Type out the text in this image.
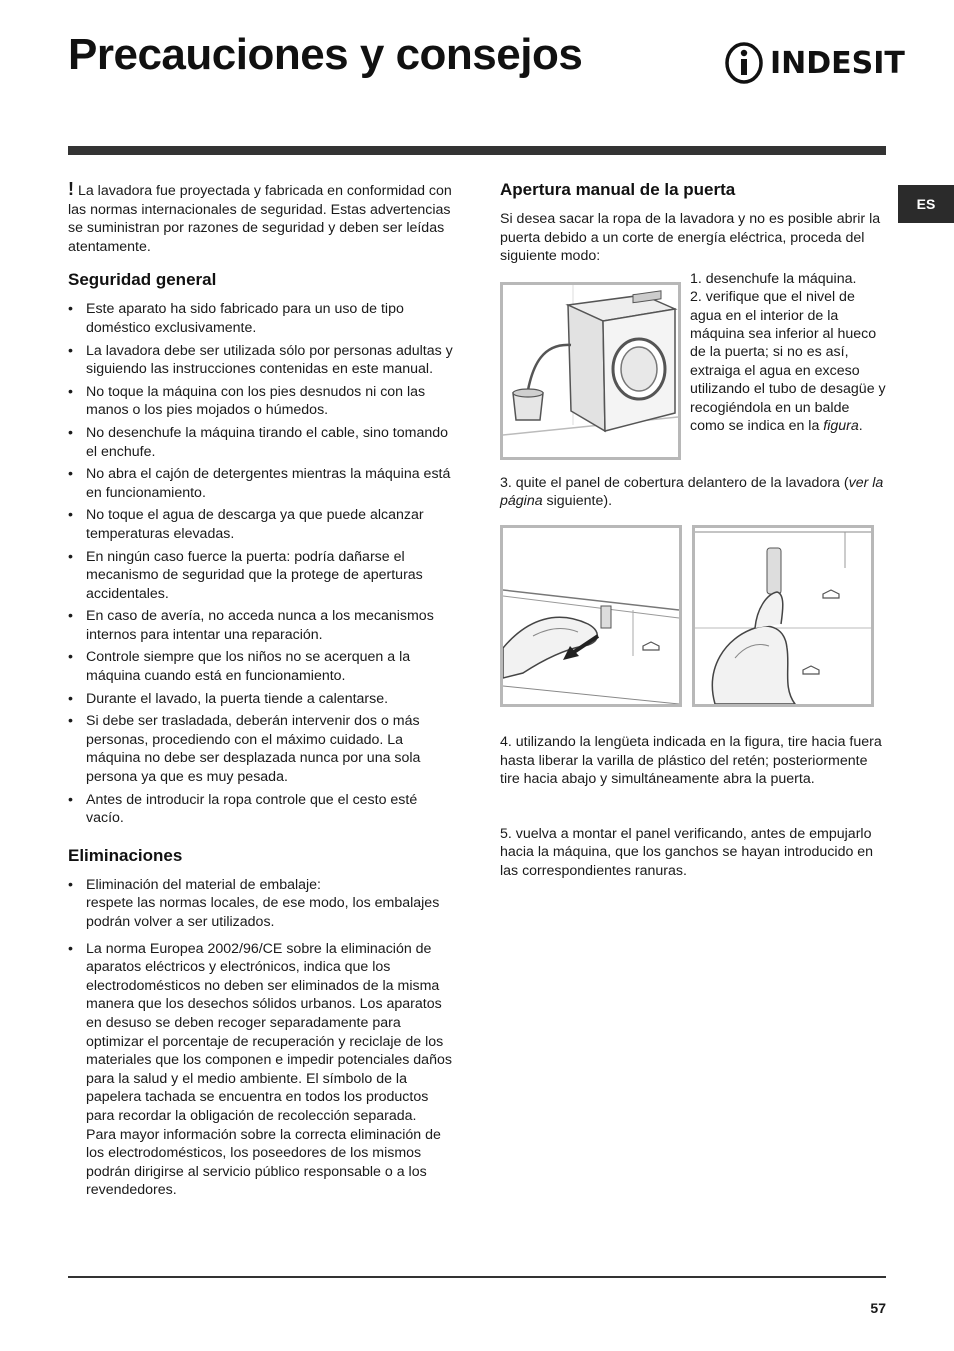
Precauciones y consejos	INDESIT
ES

! La lavadora fue proyectada y fabricada en conformidad con las normas internacionales de seguridad. Estas advertencias se suministran por razones de seguridad y deben ser leídas atentamente.

Seguridad general
• Este aparato ha sido fabricado para un uso de tipo doméstico exclusivamente.
• La lavadora debe ser utilizada sólo por personas adultas y siguiendo las instrucciones contenidas en este manual.
• No toque la máquina con los pies desnudos ni con las manos o los pies mojados o húmedos.
• No desenchufe la máquina tirando el cable, sino tomando el enchufe.
• No abra el cajón de detergentes mientras la máquina está en funcionamiento.
• No toque el agua de descarga ya que puede alcanzar temperaturas elevadas.
• En ningún caso fuerce la puerta: podría dañarse el mecanismo de seguridad que la protege de aperturas accidentales.
• En caso de avería, no acceda nunca a los mecanismos internos para intentar una reparación.
• Controle siempre que los niños no se acerquen a la máquina cuando está en funcionamiento.
• Durante el lavado, la puerta tiende a calentarse.
• Si debe ser trasladada, deberán intervenir dos o más personas, procediendo con el máximo cuidado. La máquina no debe ser desplazada nunca por una sola persona ya que es muy pesada.
• Antes de introducir la ropa controle que el cesto esté vacío.
Eliminaciones
• Eliminación del material de embalaje:
respete las normas locales, de ese modo, los embalajes podrán volver a ser utilizados.
• La norma Europea 2002/96/CE sobre la eliminación de aparatos eléctricos y electrónicos, indica que los electrodomésticos no deben ser eliminados de la misma manera que los desechos sólidos urbanos. Los aparatos en desuso se deben recoger separadamente para optimizar el porcentaje de recuperación y reciclaje de los materiales que los componen e impedir potenciales daños para la salud y el medio ambiente. El símbolo de la papelera tachada se encuentra en todos los productos para recordar la obligación de recolección separada.
Para mayor información sobre la correcta eliminación de los electrodomésticos, los poseedores de los mismos podrán dirigirse al servicio público responsable o a los revendedores.
Apertura manual de la puerta

Si desea sacar la ropa de la lavadora y no es posible abrir la puerta debido a un corte de energía eléctrica, proceda del siguiente modo:

1. desenchufe la máquina.

2. verifique que el nivel de agua en el interior de la máquina sea inferior al hueco de la puerta; si no es así, extraiga el agua en exceso utilizando el tubo de desagüe y recogiéndola en un balde como se indica en la figura.

3. quite el panel de cobertura delantero de la lavadora (ver la página siguiente).

4. utilizando la lengüeta indicada en la figura, tire hacia fuera hasta liberar la varilla de plástico del retén; posteriormente tire hacia abajo y simultáneamente abra la puerta.

5. vuelva a montar el panel verificando, antes de empujarlo hacia la máquina, que los ganchos se hayan introducido en las correspondientes ranuras.

57
